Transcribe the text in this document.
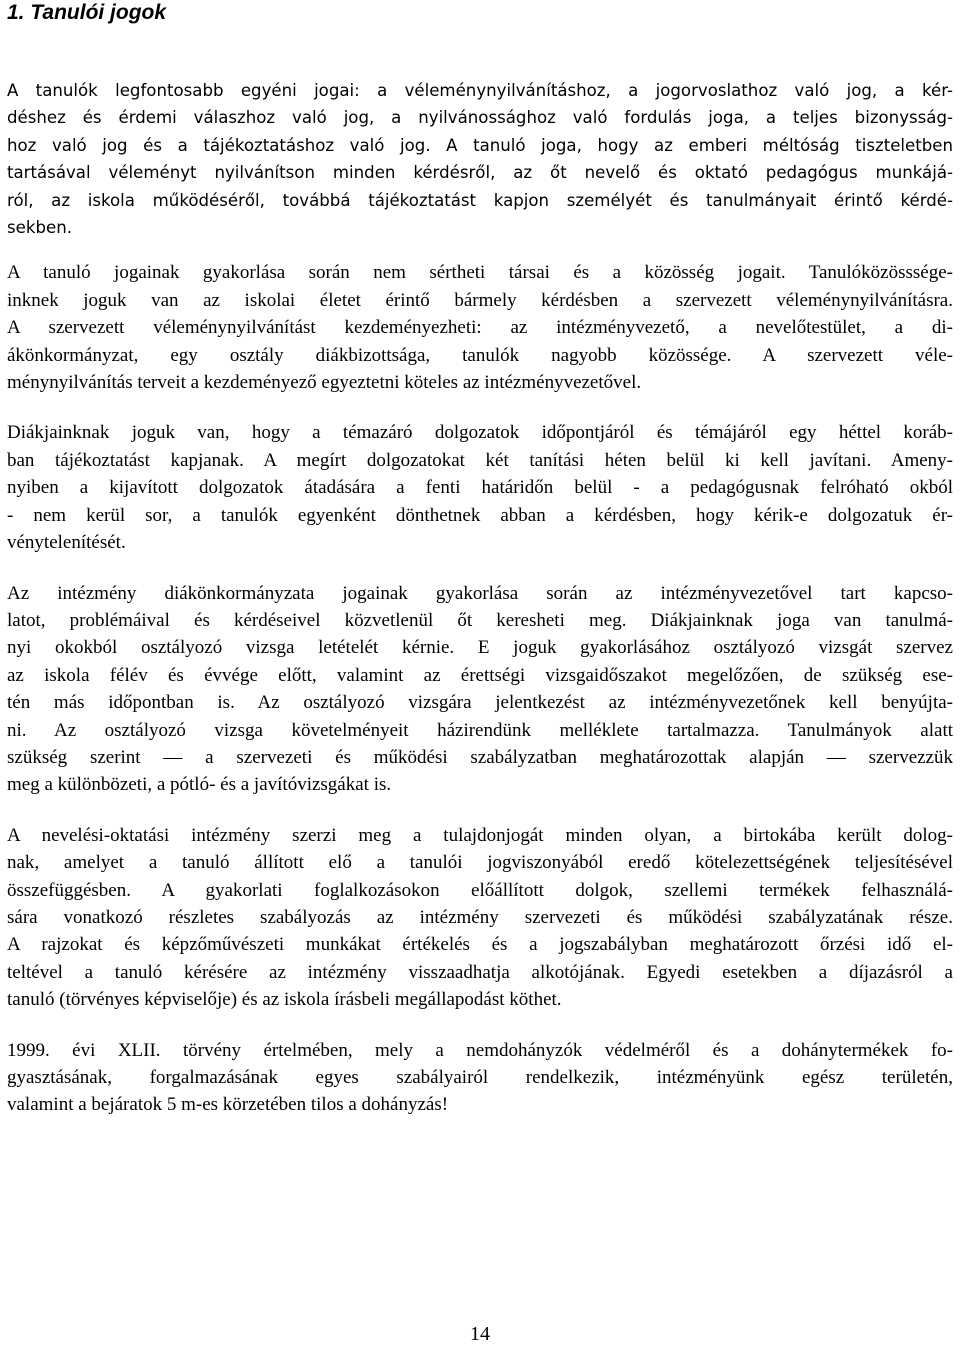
1. Tanulói jogok
A tanulók legfontosabb egyéni jogai: a véleménynyilvánításhoz, a jogorvoslathoz való jog, a kér-
déshez és érdemi válaszhoz való jog, a nyilvánossághoz való fordulás joga, a teljes bizonysság-
hoz való jog és a tájékoztatáshoz való jog. A tanuló joga, hogy az emberi méltóság tiszteletben
tartásával véleményt nyilvánítson minden kérdésről, az őt nevelő és oktató pedagógus munkájá-
ról, az iskola működéséről, továbbá tájékoztatást kapjon személyét és tanulmányait érintő kérdé-
sekben.
A tanuló jogainak gyakorlása során nem sértheti társai és a közösség jogait. Tanulóközösssége-
inknek joguk van az iskolai életet érintő bármely kérdésben a szervezett véleménynyilvánításra.
A szervezett véleménynyilvánítást kezdeményezheti: az intézményvezető, a nevelőtestület, a di-
ákönkormányzat, egy osztály diákbizottsága, tanulók nagyobb közössége. A szervezett véle-
ménynyilvánítás terveit a kezdeményező egyeztetni köteles az intézményvezetővel.
Diákjainknak joguk van, hogy a témazáró dolgozatok időpontjáról és témájáról egy héttel koráb-
ban tájékoztatást kapjanak. A megírt dolgozatokat két tanítási héten belül ki kell javítani. Ameny-
nyiben a kijavított dolgozatok átadására a fenti határidőn belül - a pedagógusnak felróható okból
- nem kerül sor, a tanulók egyenként dönthetnek abban a kérdésben, hogy kérik-e dolgozatuk ér-
vénytelenítését.
Az intézmény diákönkormányzata jogainak gyakorlása során az intézményvezetővel tart kapcso-
latot, problémáival és kérdéseivel közvetlenül őt keresheti meg. Diákjainknak joga van tanulmá-
nyi okokból osztályozó vizsga letételét kérnie. E joguk gyakorlásához osztályozó vizsgát szervez
az iskola félév és évvége előtt, valamint az érettségi vizsgaidőszakot megelőzően, de szükség ese-
tén más időpontban is. Az osztályozó vizsgára jelentkezést az intézményvezetőnek kell benyújta-
ni. Az osztályozó vizsga követelményeit házirendünk melléklete tartalmazza. Tanulmányok alatt
szükség szerint — a szervezeti és működési szabályzatban meghatározottak alapján — szervezzük
meg a különbözeti, a pótló- és a javítóvizsgákat is.
A nevelési-oktatási intézmény szerzi meg a tulajdonjogát minden olyan, a birtokába került dolog-
nak, amelyet a tanuló állított elő a tanulói jogviszonyából eredő kötelezettségének teljesítésével
összefüggésben. A gyakorlati foglalkozásokon előállított dolgok, szellemi termékek felhasználá-
sára vonatkozó részletes szabályozás az intézmény szervezeti és működési szabályzatának része.
A rajzokat és képzőművészeti munkákat értékelés és a jogszabályban meghatározott őrzési idő el-
teltével a tanuló kérésére az intézmény visszaadhatja alkotójának. Egyedi esetekben a díjazásról a
tanuló (törvényes képviselője) és az iskola írásbeli megállapodást köthet.
1999. évi XLII. törvény értelmében, mely a nemdohányzók védelméről és a dohánytermékek fo-
gyasztásának, forgalmazásának egyes szabályairól rendelkezik, intézményünk egész területén,
valamint a bejáratok 5 m-es körzetében tilos a dohányzás!
14
